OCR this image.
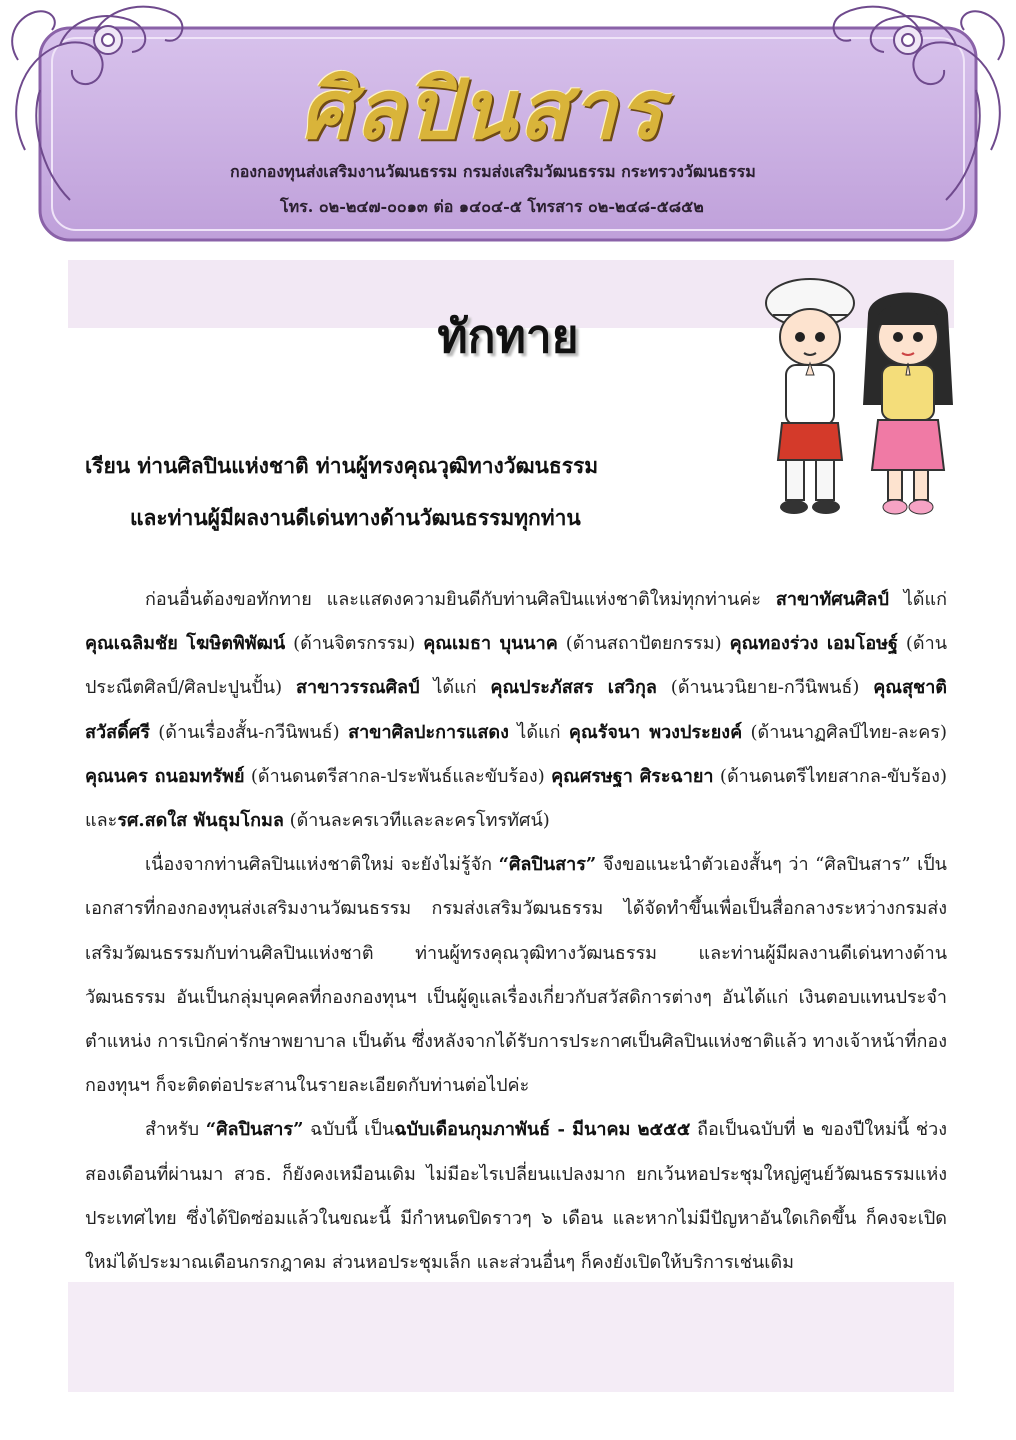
ศิลปินสาร
กองกองทุนส่งเสริมงานวัฒนธรรม กรมส่งเสริมวัฒนธรรม กระทรวงวัฒนธรรม
โทร. ๐๒-๒๔๗-๐๐๑๓ ต่อ ๑๔๐๔-๕ โทรสาร ๐๒-๒๔๘-๕๘๕๒
ทักทาย
เรียน ท่านศิลปินแห่งชาติ ท่านผู้ทรงคุณวุฒิทางวัฒนธรรม
และท่านผู้มีผลงานดีเด่นทางด้านวัฒนธรรมทุกท่าน

ก่อนอื่นต้องขอทักทาย และแสดงความยินดีกับท่านศิลปินแห่งชาติใหม่ทุกท่านค่ะ สาขาทัศนศิลป์ ได้แก่ คุณเฉลิมชัย โฆษิตพิพัฒน์ (ด้านจิตรกรรม) คุณเมธา บุนนาค (ด้านสถาปัตยกรรม) คุณทองร่วง เอมโอษฐ์ (ด้านประณีตศิลป์/ศิลปะปูนปั้น) สาขาวรรณศิลป์ ได้แก่ คุณประภัสสร เสวิกุล (ด้านนวนิยาย-กวีนิพนธ์) คุณสุชาติ สวัสดิ์ศรี (ด้านเรื่องสั้น-กวีนิพนธ์) สาขาศิลปะการแสดง ได้แก่ คุณรัจนา พวงประยงค์ (ด้านนาฏศิลป์ไทย-ละคร) คุณนคร ถนอมทรัพย์ (ด้านดนตรีสากล-ประพันธ์และขับร้อง) คุณศรษฐา ศิระฉายา (ด้านดนตรีไทยสากล-ขับร้อง) และรศ.สดใส พันธุมโกมล (ด้านละครเวทีและละครโทรทัศน์)

เนื่องจากท่านศิลปินแห่งชาติใหม่ จะยังไม่รู้จัก “ศิลปินสาร” จึงขอแนะนำตัวเองสั้นๆ ว่า “ศิลปินสาร” เป็นเอกสารที่กองกองทุนส่งเสริมงานวัฒนธรรม กรมส่งเสริมวัฒนธรรม ได้จัดทำขึ้นเพื่อเป็นสื่อกลางระหว่างกรมส่งเสริมวัฒนธรรมกับท่านศิลปินแห่งชาติ ท่านผู้ทรงคุณวุฒิทางวัฒนธรรม และท่านผู้มีผลงานดีเด่นทางด้านวัฒนธรรม อันเป็นกลุ่มบุคคลที่กองกองทุนฯ เป็นผู้ดูแลเรื่องเกี่ยวกับสวัสดิการต่างๆ อันได้แก่ เงินตอบแทนประจำตำแหน่ง การเบิกค่ารักษาพยาบาล เป็นต้น ซึ่งหลังจากได้รับการประกาศเป็นศิลปินแห่งชาติแล้ว ทางเจ้าหน้าที่กองกองทุนฯ ก็จะติดต่อประสานในรายละเอียดกับท่านต่อไปค่ะ

สำหรับ “ศิลปินสาร” ฉบับนี้ เป็นฉบับเดือนกุมภาพันธ์ - มีนาคม ๒๕๕๕ ถือเป็นฉบับที่ ๒ ของปีใหม่นี้ ช่วงสองเดือนที่ผ่านมา สวธ. ก็ยังคงเหมือนเดิม ไม่มีอะไรเปลี่ยนแปลงมาก ยกเว้นหอประชุมใหญ่ศูนย์วัฒนธรรมแห่งประเทศไทย ซึ่งได้ปิดซ่อมแล้วในขณะนี้ มีกำหนดปิดราวๆ ๖ เดือน และหากไม่มีปัญหาอันใดเกิดขึ้น ก็คงจะเปิดใหม่ได้ประมาณเดือนกรกฎาคม ส่วนหอประชุมเล็ก และส่วนอื่นๆ ก็คงยังเปิดให้บริการเช่นเดิม
